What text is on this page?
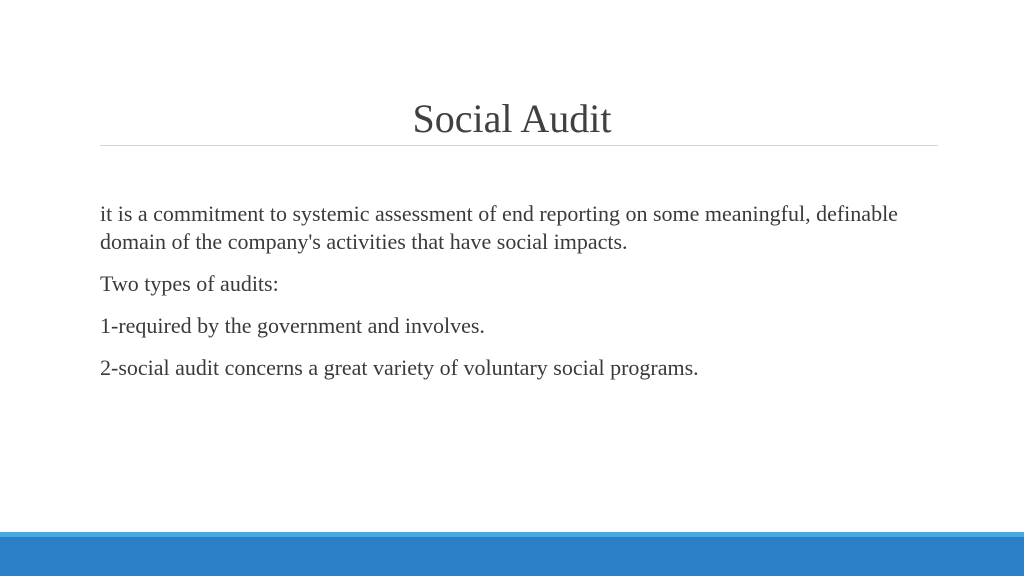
Social Audit

it is a commitment to systemic assessment of end reporting on some meaningful, definable domain of the company's activities that have social impacts.

Two types of audits:

1-required by the government and involves.

2-social audit concerns a great variety of voluntary social programs.
